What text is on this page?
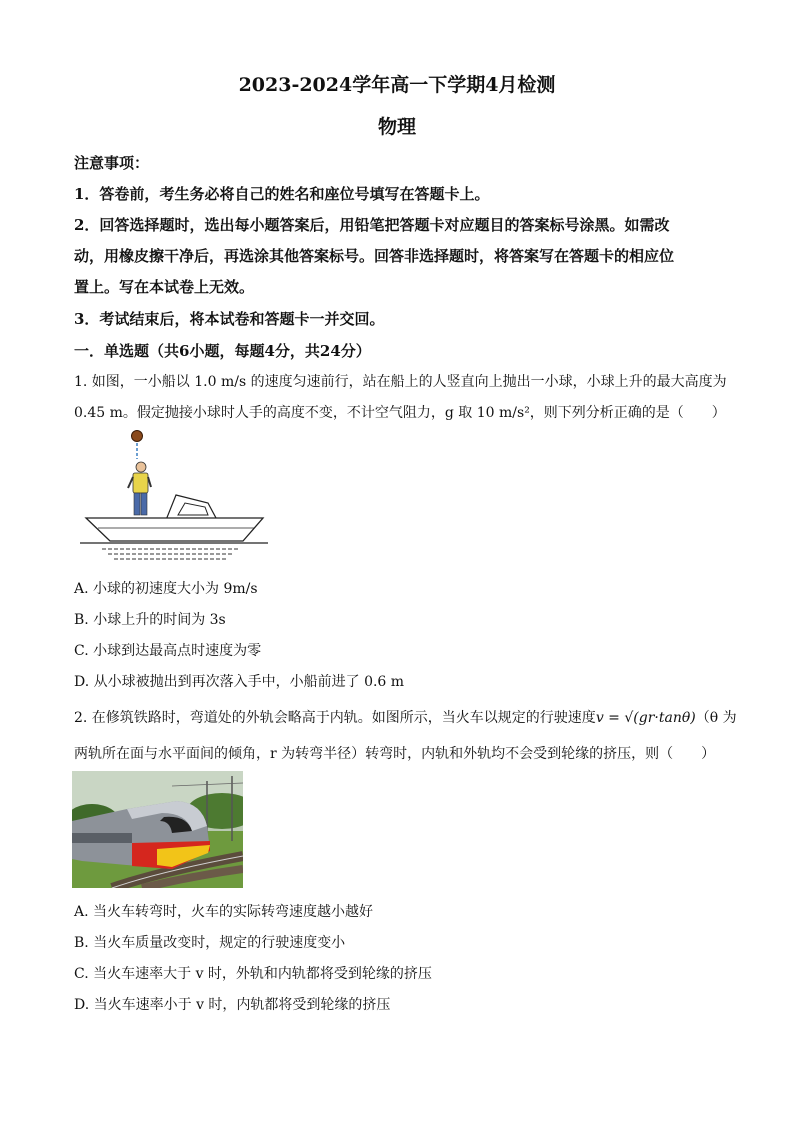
2023-2024学年高一下学期4月检测
物理
注意事项：
1．答卷前，考生务必将自己的姓名和座位号填写在答题卡上。
2．回答选择题时，选出每小题答案后，用铅笔把答题卡对应题目的答案标号涂黑。如需改
动，用橡皮擦干净后，再选涂其他答案标号。回答非选择题时，将答案写在答题卡的相应位
置上。写在本试卷上无效。
3．考试结束后，将本试卷和答题卡一并交回。
一．单选题（共6小题，每题4分，共24分）
1. 如图，一小船以 1.0 m/s 的速度匀速前行，站在船上的人竖直向上抛出一小球，小球上升的最大高度为
0.45 m。假定抛接小球时人手的高度不变，不计空气阻力，g 取 10 m/s²，则下列分析正确的是（　　）
A. 小球的初速度大小为 9m/s
B. 小球上升的时间为 3s
C. 小球到达最高点时速度为零
D. 从小球被抛出到再次落入手中，小船前进了 0.6 m
2. 在修筑铁路时，弯道处的外轨会略高于内轨。如图所示，当火车以规定的行驶速度v = √(gr·tanθ)（θ 为
两轨所在面与水平面间的倾角，r 为转弯半径）转弯时，内轨和外轨均不会受到轮缘的挤压，则（　　）
A. 当火车转弯时，火车的实际转弯速度越小越好
B. 当火车质量改变时，规定的行驶速度变小
C. 当火车速率大于 v 时，外轨和内轨都将受到轮缘的挤压
D. 当火车速率小于 v 时，内轨都将受到轮缘的挤压
